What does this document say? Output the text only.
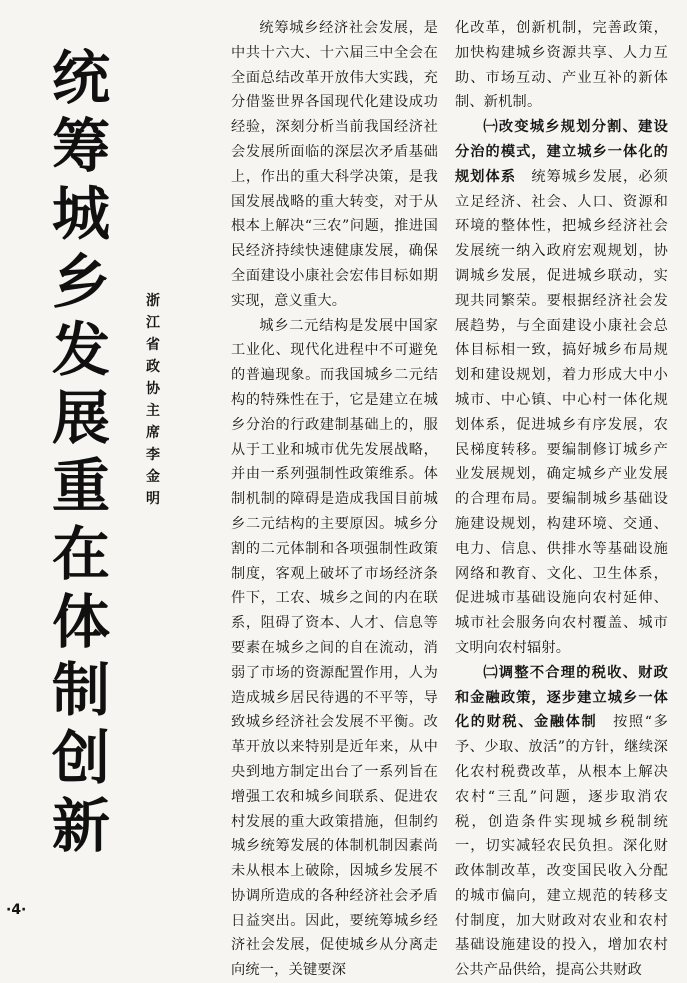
统
筹
城
乡
发
展
重
在
体
制
创
新
浙
江
省
政
协
主
席
李
金
明

统筹城乡经济社会发展，是中共十六大、十六届三中全会在全面总结改革开放伟大实践，充分借鉴世界各国现代化建设成功经验，深刻分析当前我国经济社会发展所面临的深层次矛盾基础上，作出的重大科学决策，是我国发展战略的重大转变，对于从根本上解决“三农”问题，推进国民经济持续快速健康发展，确保全面建设小康社会宏伟目标如期实现，意义重大。

城乡二元结构是发展中国家工业化、现代化进程中不可避免的普遍现象。而我国城乡二元结构的特殊性在于，它是建立在城乡分治的行政建制基础上的，服从于工业和城市优先发展战略，并由一系列强制性政策维系。体制机制的障碍是造成我国目前城乡二元结构的主要原因。城乡分割的二元体制和各项强制性政策制度，客观上破坏了市场经济条件下，工农、城乡之间的内在联系，阻碍了资本、人才、信息等要素在城乡之间的自在流动，消弱了市场的资源配置作用，人为造成城乡居民待遇的不平等，导致城乡经济社会发展不平衡。改革开放以来特别是近年来，从中央到地方制定出台了一系列旨在增强工农和城乡间联系、促进农村发展的重大政策措施，但制约城乡统筹发展的体制机制因素尚未从根本上破除，因城乡发展不协调所造成的各种经济社会矛盾日益突出。因此，要统筹城乡经济社会发展，促使城乡从分离走向统一，关键要深

化改革，创新机制，完善政策，加快构建城乡资源共享、人力互助、市场互动、产业互补的新体制、新机制。

㈠改变城乡规划分割、建设分治的模式，建立城乡一体化的规划体系　 统筹城乡发展，必须立足经济、社会、人口、资源和环境的整体性，把城乡经济社会发展统一纳入政府宏观规划，协调城乡发展，促进城乡联动，实现共同繁荣。要根据经济社会发展趋势，与全面建设小康社会总体目标相一致，搞好城乡布局规划和建设规划，着力形成大中小城市、中心镇、中心村一体化规划体系，促进城乡有序发展，农民梯度转移。要编制修订城乡产业发展规划，确定城乡产业发展的合理布局。要编制城乡基础设施建设规划，构建环境、交通、电力、信息、供排水等基础设施网络和教育、文化、卫生体系，促进城市基础设施向农村延伸、城市社会服务向农村覆盖、城市文明向农村辐射。

㈡调整不合理的税收、财政和金融政策，逐步建立城乡一体化的财税、金融体制　 按照“多予、少取、放活”的方针，继续深化农村税费改革，从根本上解决农村“三乱”问题，逐步取消农税，创造条件实现城乡税制统一，切实减轻农民负担。深化财政体制改革，改变国民收入分配的城市偏向，建立规范的转移支付制度，加大财政对农业和农村基础设施建设的投入，增加农村公共产品供给，提高公共财政

·4·
